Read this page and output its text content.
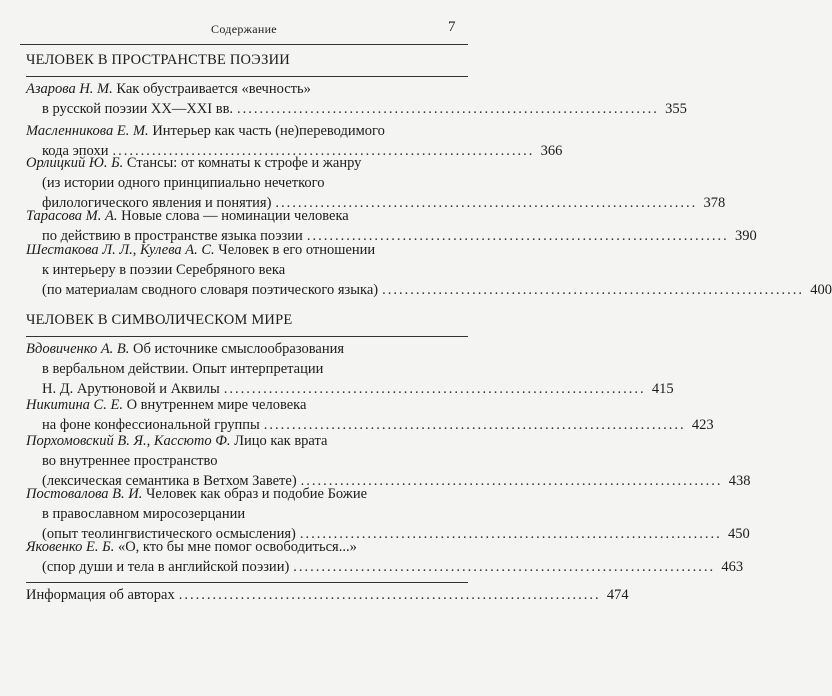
Содержание	7
ЧЕЛОВЕК В ПРОСТРАНСТВЕ ПОЭЗИИ
Азарова Н. М.
Как обустраивается «вечность»
в русской поэзии XX—XXI вв. ........................................................................... 355
Масленникова Е. М.
Интерьер как часть (не)переводимого
кода эпохи ........................................................................... 366
Орлицкий Ю. Б.
Стансы: от комнаты к строфе и жанру
(из истории одного принципиально нечеткого
филологического явления и понятия) ........................................................................... 378
Тарасова М. А.
Новые слова — номинации человека
по действию в пространстве языка поэзии ........................................................................... 390
Шестакова Л. Л., Кулева А. С.
Человек в его отношении
к интерьеру в поэзии Серебряного века
(по материалам сводного словаря поэтического языка) ........................................................................... 400
ЧЕЛОВЕК В СИМВОЛИЧЕСКОМ МИРЕ
Вдовиченко А. В.
Об источнике смыслообразования
в вербальном действии. Опыт интерпретации
Н. Д. Арутюновой и Аквилы ........................................................................... 415
Никитина С. Е.
О внутреннем мире человека
на фоне конфессиональной группы ........................................................................... 423
Порхомовский В. Я., Кассюто Ф.
Лицо как врата
во внутреннее пространство
(лексическая семантика в Ветхом Завете) ........................................................................... 438
Постовалова В. И.
Человек как образ и подобие Божие
в православном миросозерцании
(опыт теолингвистического осмысления) ........................................................................... 450
Яковенко Е. Б.
«О, кто бы мне помог освободиться...»
(спор души и тела в английской поэзии) ........................................................................... 463
Информация об авторах ........................................................................... 474
